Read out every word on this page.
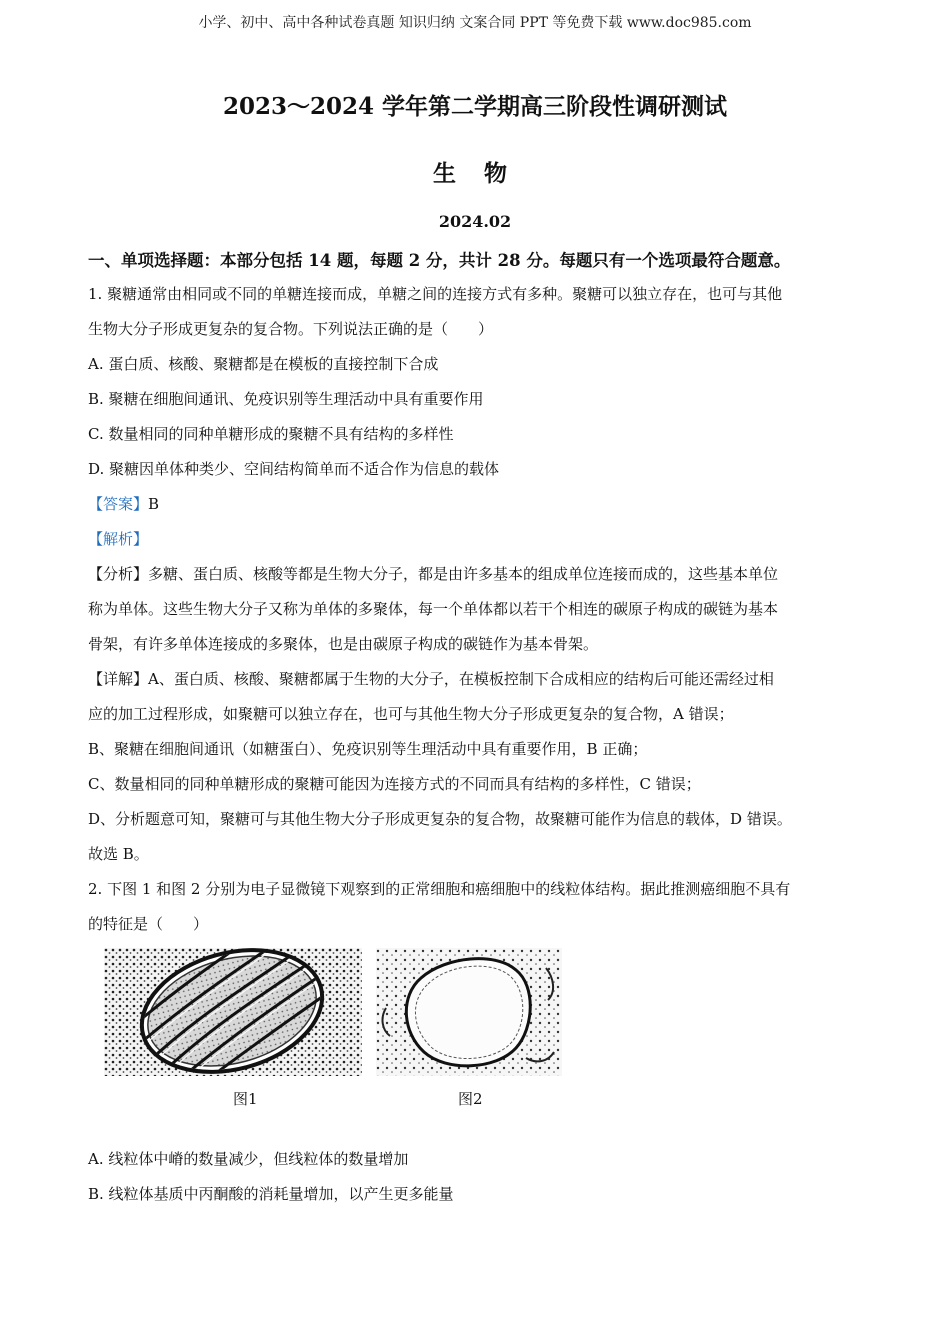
小学、初中、高中各种试卷真题 知识归纳 文案合同 PPT 等免费下载 www.doc985.com
2023～2024 学年第二学期高三阶段性调研测试
生 物
2024.02
一、单项选择题：本部分包括 14 题，每题 2 分，共计 28 分。每题只有一个选项最符合题意。

1. 聚糖通常由相同或不同的单糖连接而成，单糖之间的连接方式有多种。聚糖可以独立存在，也可与其他

生物大分子形成更复杂的复合物。下列说法正确的是（　　）

A. 蛋白质、核酸、聚糖都是在模板的直接控制下合成

B. 聚糖在细胞间通讯、免疫识别等生理活动中具有重要作用

C. 数量相同的同种单糖形成的聚糖不具有结构的多样性

D. 聚糖因单体种类少、空间结构简单而不适合作为信息的载体

【答案】B

【解析】

【分析】多糖、蛋白质、核酸等都是生物大分子，都是由许多基本的组成单位连接而成的，这些基本单位

称为单体。这些生物大分子又称为单体的多聚体，每一个单体都以若干个相连的碳原子构成的碳链为基本

骨架，有许多单体连接成的多聚体，也是由碳原子构成的碳链作为基本骨架。

【详解】A、蛋白质、核酸、聚糖都属于生物的大分子，在模板控制下合成相应的结构后可能还需经过相

应的加工过程形成，如聚糖可以独立存在，也可与其他生物大分子形成更复杂的复合物，A 错误；

B、聚糖在细胞间通讯（如糖蛋白）、免疫识别等生理活动中具有重要作用，B 正确；

C、数量相同的同种单糖形成的聚糖可能因为连接方式的不同而具有结构的多样性，C 错误；

D、分析题意可知，聚糖可与其他生物大分子形成更复杂的复合物，故聚糖可能作为信息的载体，D 错误。

故选 B。

2. 下图 1 和图 2 分别为电子显微镜下观察到的正常细胞和癌细胞中的线粒体结构。据此推测癌细胞不具有

的特征是（　　）

图1	图2

A. 线粒体中嵴的数量减少，但线粒体的数量增加

B. 线粒体基质中丙酮酸的消耗量增加，以产生更多能量
